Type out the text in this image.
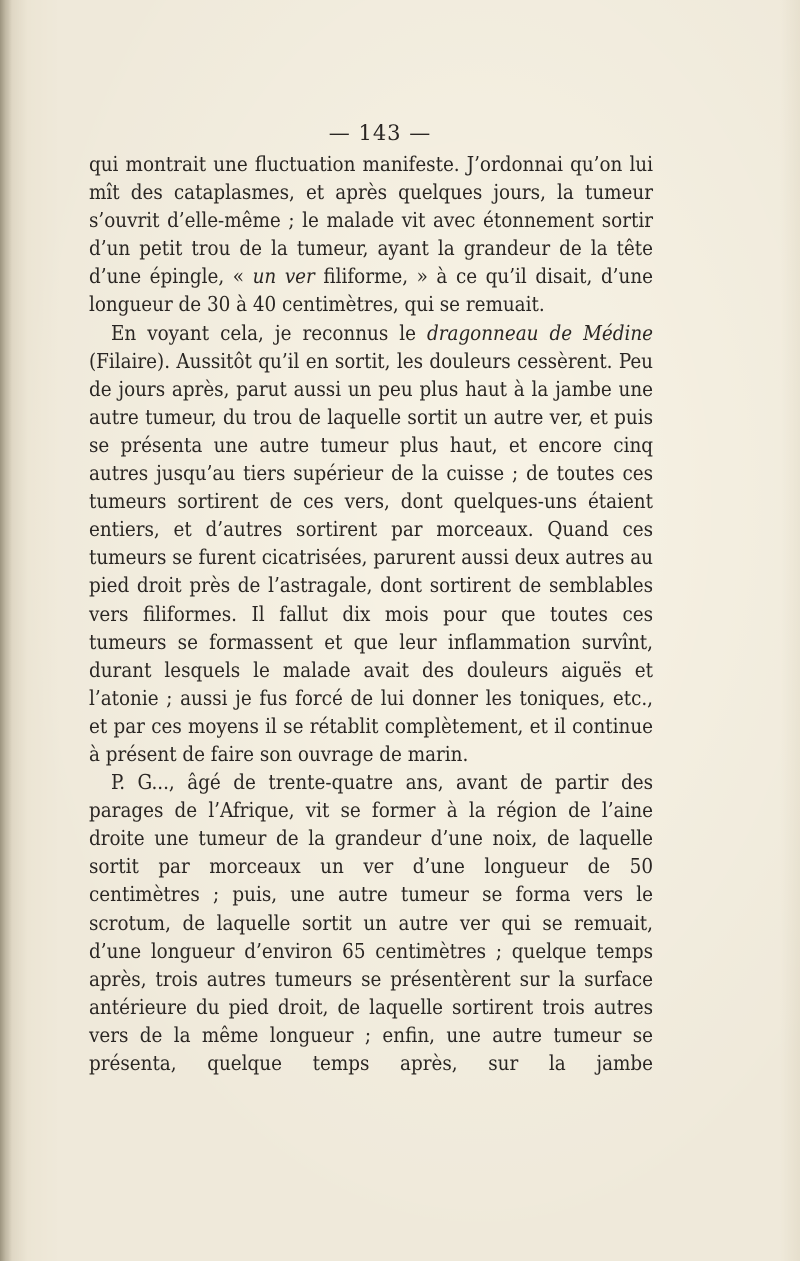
— 143 —

qui montrait une fluctuation manifeste. J’ordonnai qu’on lui mît des cataplasmes, et après quelques jours, la tumeur s’ouvrit d’elle-même ; le malade vit avec étonnement sortir d’un petit trou de la tumeur, ayant la grandeur de la tête d’une épingle, « un ver filiforme, » à ce qu’il disait, d’une longueur de 30 à 40 centimètres, qui se remuait.

En voyant cela, je reconnus le dragonneau de Médine (Filaire). Aussitôt qu’il en sortit, les douleurs cessèrent. Peu de jours après, parut aussi un peu plus haut à la jambe une autre tumeur, du trou de laquelle sortit un autre ver, et puis se présenta une autre tumeur plus haut, et encore cinq autres jusqu’au tiers supérieur de la cuisse ; de toutes ces tumeurs sortirent de ces vers, dont quelques-uns étaient entiers, et d’autres sortirent par morceaux. Quand ces tumeurs se furent cicatrisées, parurent aussi deux autres au pied droit près de l’astragale, dont sortirent de semblables vers filiformes. Il fallut dix mois pour que toutes ces tumeurs se formassent et que leur inflammation survînt, durant lesquels le malade avait des douleurs aiguës et l’atonie ; aussi je fus forcé de lui donner les toniques, etc., et par ces moyens il se rétablit complètement, et il continue à présent de faire son ouvrage de marin.

P. G..., âgé de trente-quatre ans, avant de partir des parages de l’Afrique, vit se former à la région de l’aine droite une tumeur de la grandeur d’une noix, de laquelle sortit par morceaux un ver d’une longueur de 50 centimètres ; puis, une autre tumeur se forma vers le scrotum, de laquelle sortit un autre ver qui se remuait, d’une longueur d’environ 65 centimètres ; quelque temps après, trois autres tumeurs se présentèrent sur la surface antérieure du pied droit, de laquelle sortirent trois autres vers de la même longueur ; enfin, une autre tumeur se présenta, quelque temps après, sur la jambe
